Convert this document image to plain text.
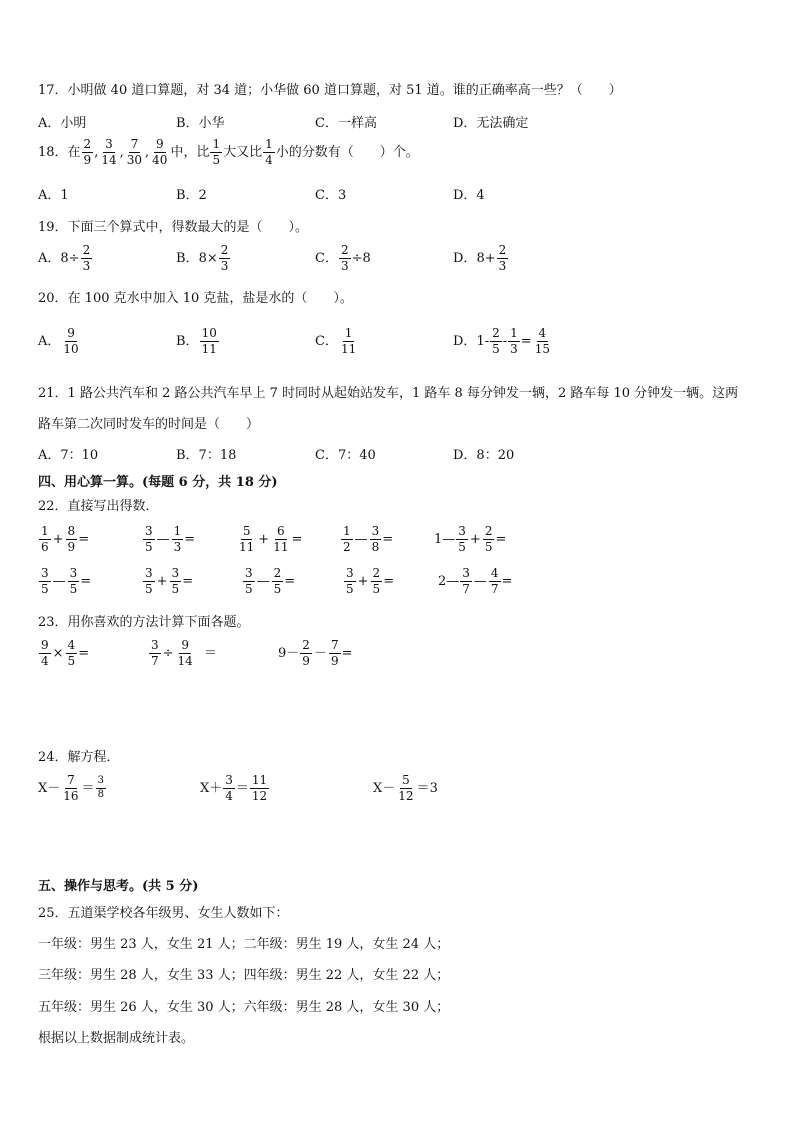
17．小明做 40 道口算题，对 34 道；小华做 60 道口算题，对 51 道。谁的正确率高一些？（　　）
A．小明	B．小华	C．一样高	D．无法确定
18．在 $\frac{2}{9}$ , $\frac{3}{14}$ , $\frac{7}{30}$ , $\frac{9}{40}$ 中，比 $\frac{1}{5}$ 大又比 $\frac{1}{4}$ 小的分数有（　　）个。
A．1	B．2	C．3	D．4
19．下面三个算式中，得数最大的是（　　）。
A． $8\div \frac{2}{3}$	B． $8\times \frac{2}{3}$	C． $\frac{2}{3} \div 8$	D． $8+ \frac{2}{3}$
20．在 100 克水中加入 10 克盐，盐是水的（　　）。
A． $\frac{9}{10}$	B． $\frac{10}{11}$	C． $\frac{1}{11}$	D． $1- \frac{2}{5} - \frac{1}{3} = \frac{4}{15}$
21．1 路公共汽车和 2 路公共汽车早上 7 时同时从起始站发车，1 路车 8 每分钟发一辆，2 路车每 10 分钟发一辆。这两
路车第二次同时发车的时间是（　　）
A．7：10	B．7：18	C．7：40	D．8：20
四、用心算一算。(每题 6 分，共 18 分)
22．直接写出得数．
$\frac{1}{6} + \frac{8}{9}$ =	$\frac{3}{5}$ — $\frac{1}{3}$ =	$\frac{5}{11} + \frac{6}{11}$ =	$\frac{1}{2}$ — $\frac{3}{8}$ =	1— $\frac{3}{5} + \frac{2}{5}$ =
$\frac{3}{5}$ — $\frac{3}{5}$ =	$\frac{3}{5} + \frac{3}{5}$ =	$\frac{3}{5}$ — $\frac{2}{5}$ =	$\frac{3}{5} + \frac{2}{5}$ =	2— $\frac{3}{7}$ — $\frac{4}{7}$ =
23．用你喜欢的方法计算下面各题。
$\frac{9}{4} \times \frac{4}{5}$ =	$\frac{3}{7} \div \frac{9}{14}$ ＝	$9- \frac{2}{9} - \frac{7}{9}$ =
24．解方程．
$X- \frac{7}{16} = \frac{3}{8}$	$X+ \frac{3}{4} = \frac{11}{12}$	$X- \frac{5}{12} = 3$
五、操作与思考。(共 5 分)
25．五道渠学校各年级男、女生人数如下：
一年级：男生 23 人，女生 21 人；二年级：男生 19 人，女生 24 人；
三年级：男生 28 人，女生 33 人；四年级：男生 22 人，女生 22 人；
五年级：男生 26 人，女生 30 人；六年级：男生 28 人，女生 30 人；
根据以上数据制成统计表。
